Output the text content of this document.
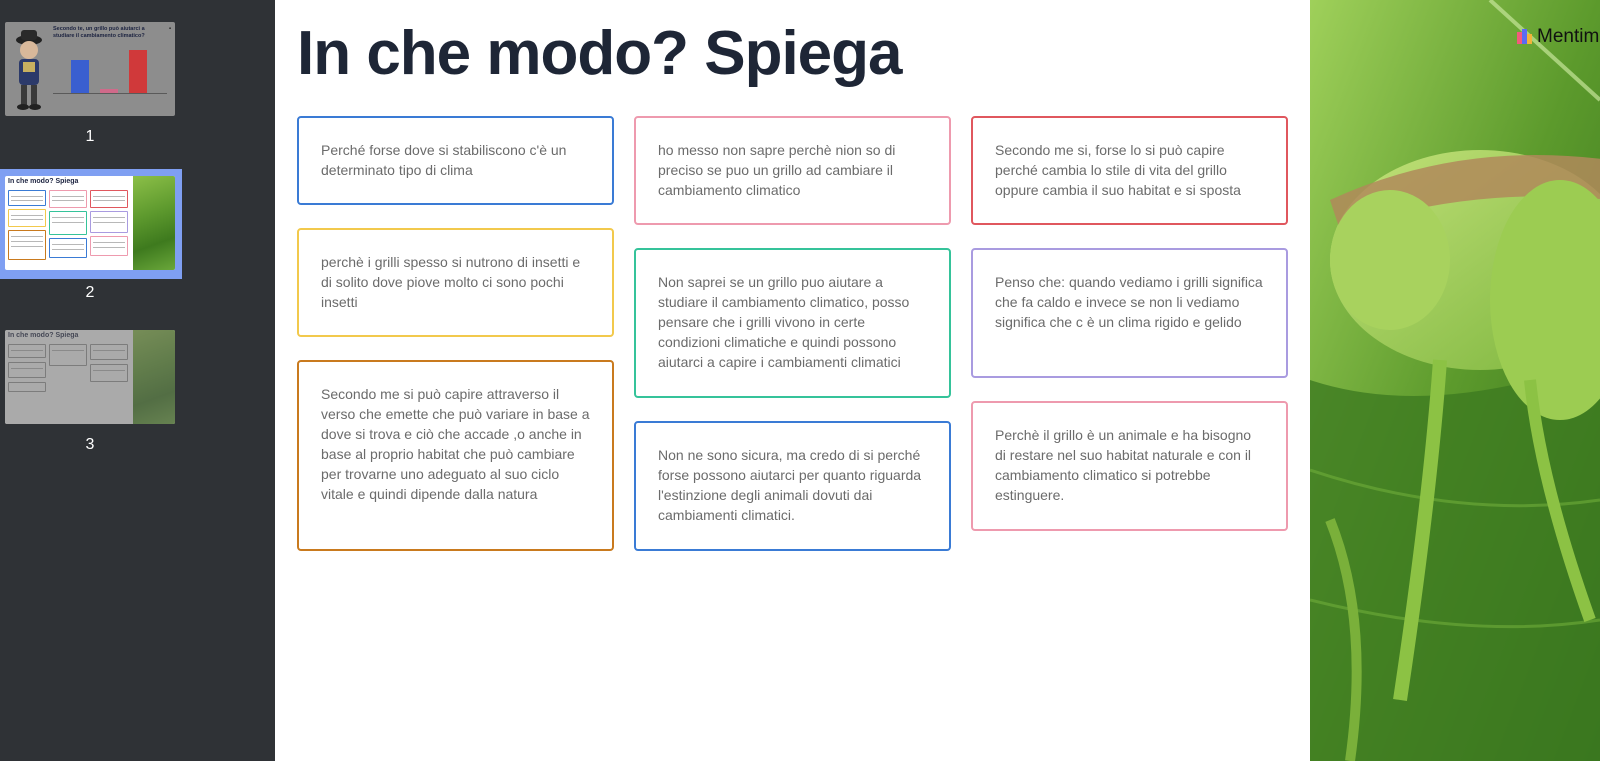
Secondo te, un grillo può aiutarci a studiare il cambiamento climatico?
■
1
In che modo? Spiega
2
3
In che modo? Spiega
Perché forse dove si stabiliscono c'è un determinato tipo di clima
perchè i grilli spesso si nutrono di insetti e di solito dove piove molto ci sono pochi insetti
Secondo me si può capire attraverso il verso che emette che può variare in base a dove si trova e ciò che accade ,o anche in base al proprio habitat che può cambiare per trovarne uno adeguato al suo ciclo vitale e quindi dipende dalla natura
ho messo non sapre perchè nion so di preciso se puo un grillo ad cambiare il cambiamento climatico
Non saprei se un grillo puo aiutare a studiare il cambiamento climatico, posso pensare che i grilli vivono in certe condizioni climatiche e quindi possono aiutarci a capire i cambiamenti climatici
Non ne sono sicura, ma credo di si perché forse possono aiutarci per quanto riguarda l'estinzione degli animali dovuti dai cambiamenti climatici.
Secondo me si, forse lo si può capire perché cambia lo stile di vita del grillo oppure cambia il suo habitat e si sposta
Penso che: quando vediamo i grilli significa che fa caldo e invece se non li vediamo significa che c è un clima rigido e gelido
Perchè il grillo è un animale e ha bisogno di restare nel suo habitat naturale e con il cambiamento climatico si potrebbe estinguere.
Mentim
